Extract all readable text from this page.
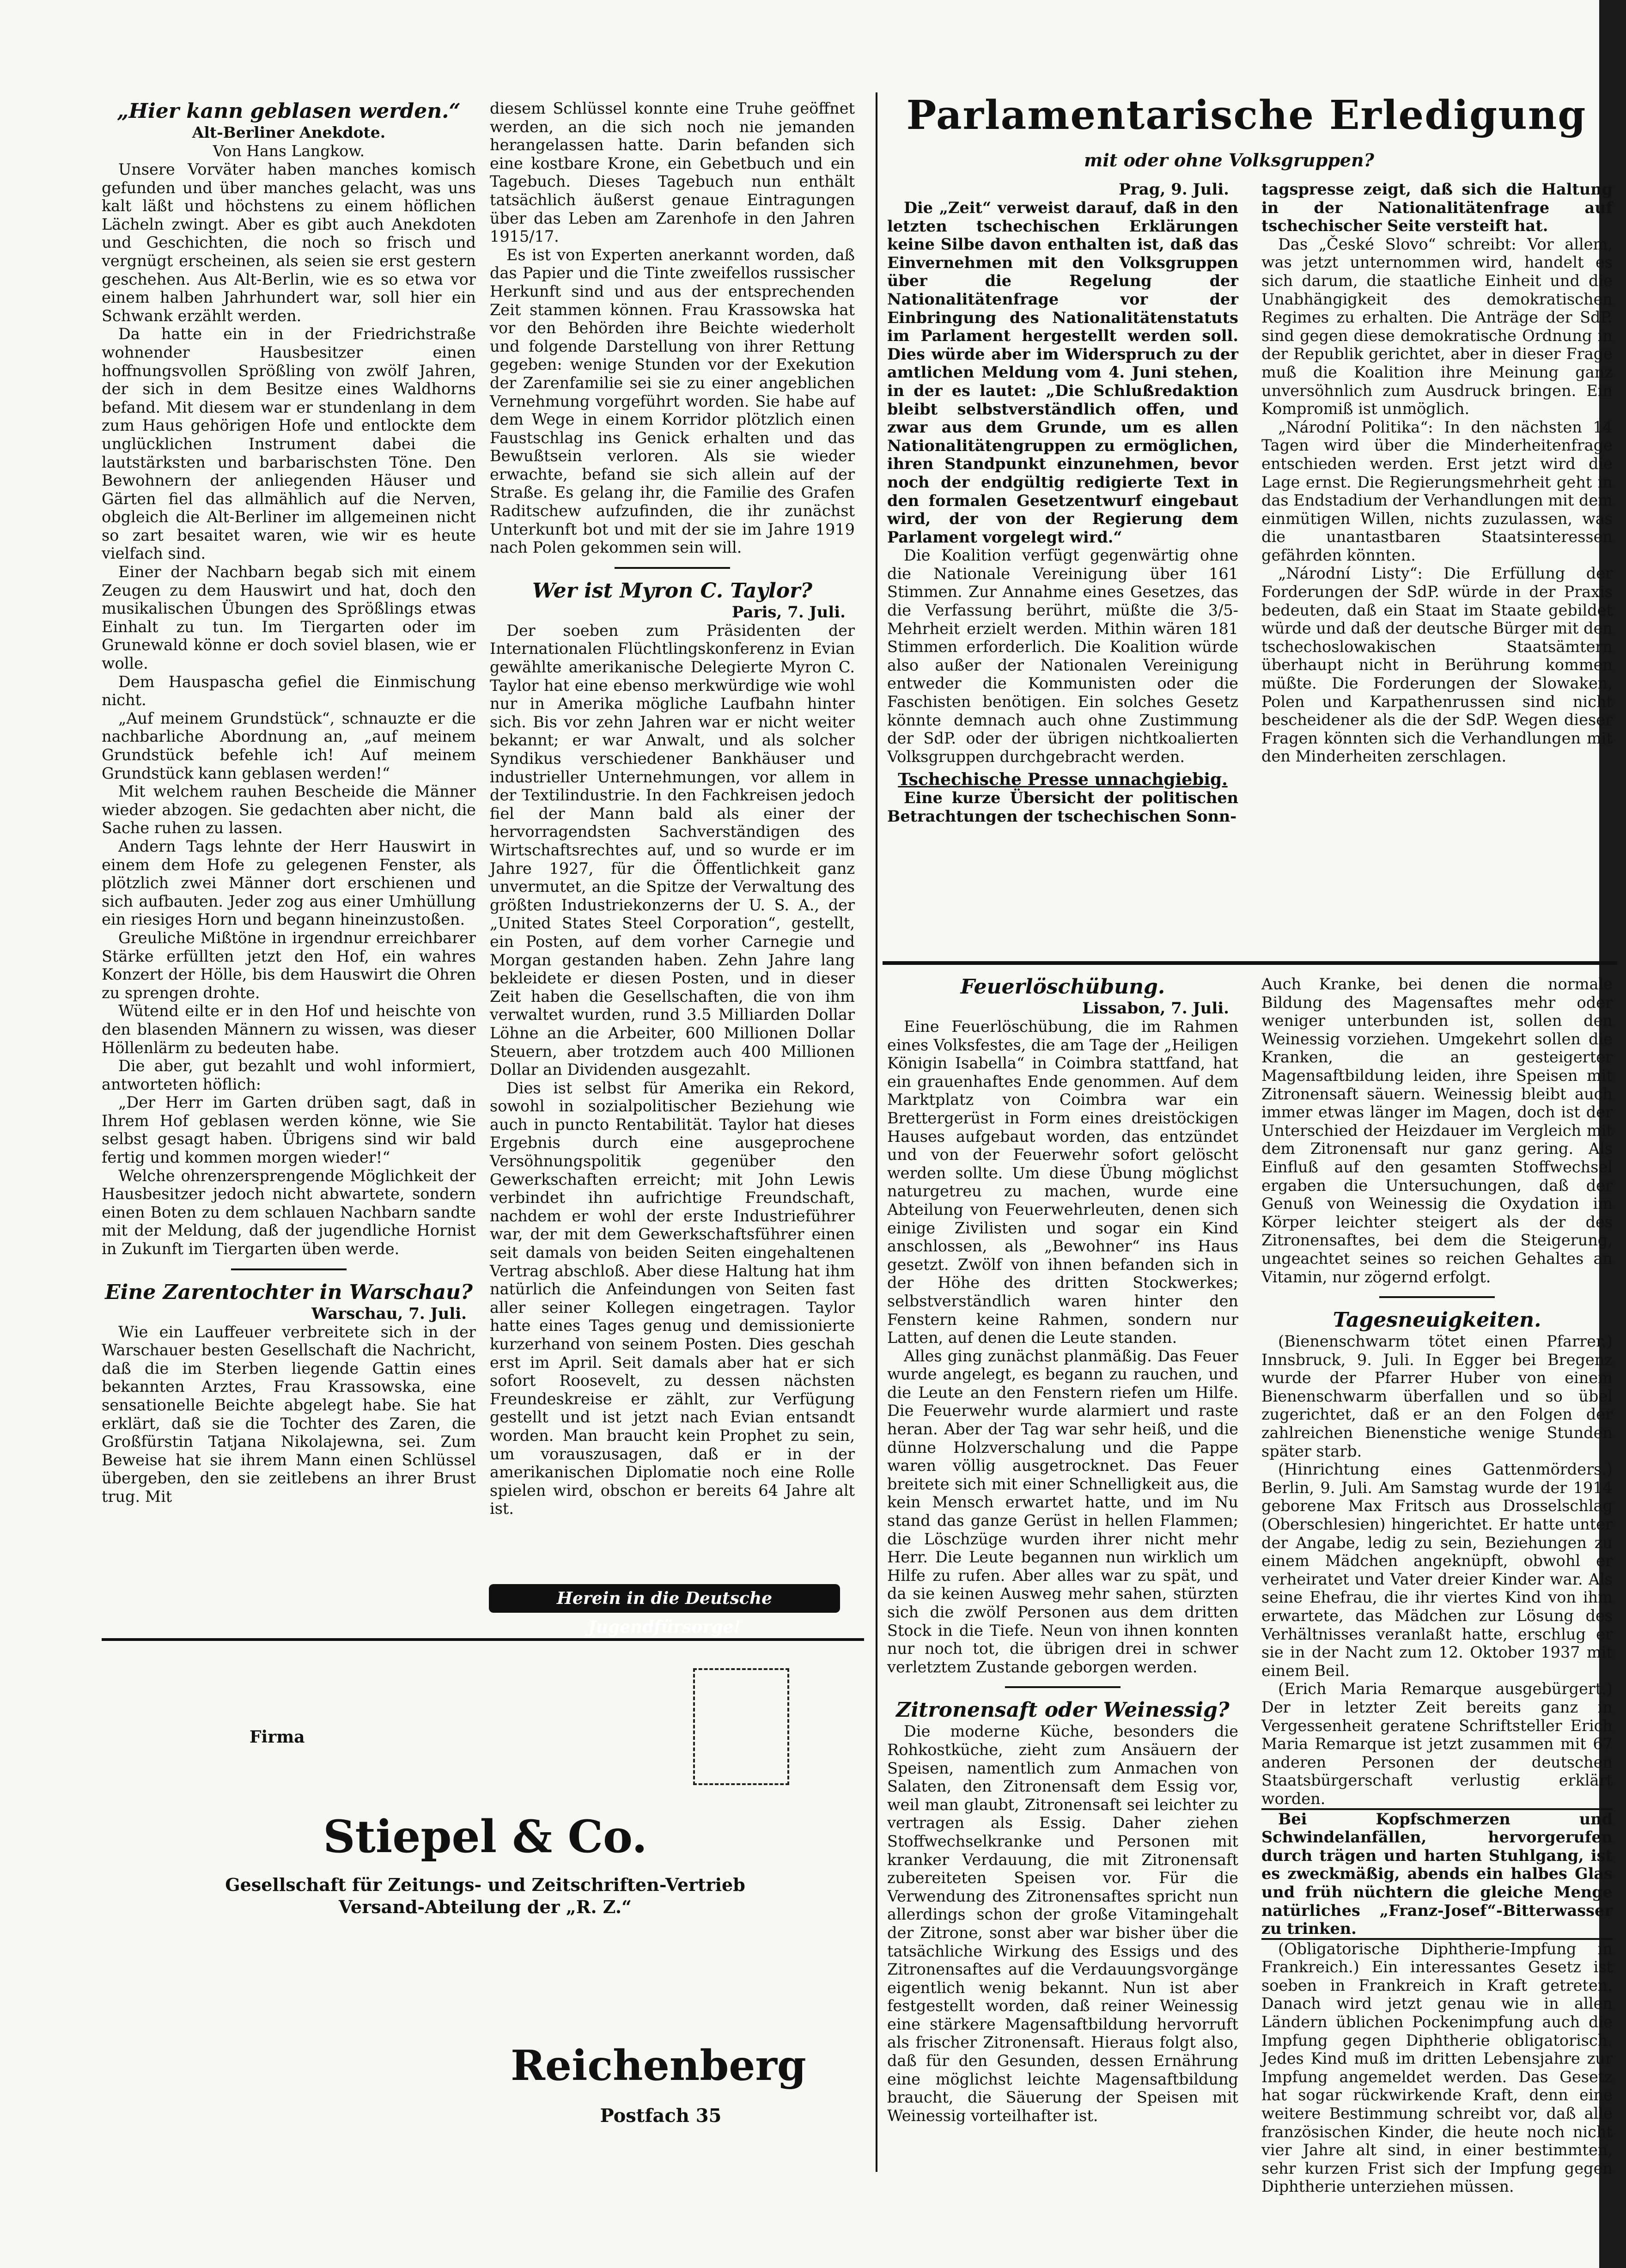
„Hier kann geblasen werden.“
Alt-Berliner Anekdote.
Von Hans Langkow.

Unsere Vorväter haben manches komisch gefunden und über manches gelacht, was uns kalt läßt und höchstens zu einem höflichen Lächeln zwingt. Aber es gibt auch Anekdoten und Geschichten, die noch so frisch und vergnügt erscheinen, als seien sie erst gestern geschehen. Aus Alt-Berlin, wie es so etwa vor einem halben Jahrhundert war, soll hier ein Schwank erzählt werden.

Da hatte ein in der Friedrichstraße wohnender Hausbesitzer einen hoffnungsvollen Sprößling von zwölf Jahren, der sich in dem Besitze eines Waldhorns befand. Mit diesem war er stundenlang in dem zum Haus gehörigen Hofe und entlockte dem unglücklichen Instrument dabei die lautstärksten und barbarischsten Töne. Den Bewohnern der anliegenden Häuser und Gärten fiel das allmählich auf die Nerven, obgleich die Alt-Berliner im allgemeinen nicht so zart besaitet waren, wie wir es heute vielfach sind.

Einer der Nachbarn begab sich mit einem Zeugen zu dem Hauswirt und hat, doch den musikalischen Übungen des Sprößlings etwas Einhalt zu tun. Im Tiergarten oder im Grunewald könne er doch soviel blasen, wie er wolle.

Dem Hauspascha gefiel die Einmischung nicht.

„Auf meinem Grundstück“, schnauzte er die nachbarliche Abordnung an, „auf meinem Grundstück befehle ich! Auf meinem Grundstück kann geblasen werden!“

Mit welchem rauhen Bescheide die Männer wieder abzogen. Sie gedachten aber nicht, die Sache ruhen zu lassen.

Andern Tags lehnte der Herr Hauswirt in einem dem Hofe zu gelegenen Fenster, als plötzlich zwei Männer dort erschienen und sich aufbauten. Jeder zog aus einer Umhüllung ein riesiges Horn und begann hineinzustoßen.

Greuliche Mißtöne in irgendnur erreichbarer Stärke erfüllten jetzt den Hof, ein wahres Konzert der Hölle, bis dem Hauswirt die Ohren zu sprengen drohte.

Wütend eilte er in den Hof und heischte von den blasenden Männern zu wissen, was dieser Höllenlärm zu bedeuten habe.

Die aber, gut bezahlt und wohl informiert, antworteten höflich:

„Der Herr im Garten drüben sagt, daß in Ihrem Hof geblasen werden könne, wie Sie selbst gesagt haben. Übrigens sind wir bald fertig und kommen morgen wieder!“

Welche ohrenzersprengende Möglichkeit der Hausbesitzer jedoch nicht abwartete, sondern einen Boten zu dem schlauen Nachbarn sandte mit der Meldung, daß der jugendliche Hornist in Zukunft im Tiergarten üben werde.

Eine Zarentochter in Warschau?
Warschau, 7. Juli.

Wie ein Lauffeuer verbreitete sich in der Warschauer besten Gesellschaft die Nachricht, daß die im Sterben liegende Gattin eines bekannten Arztes, Frau Krassowska, eine sensationelle Beichte abgelegt habe. Sie hat erklärt, daß sie die Tochter des Zaren, die Großfürstin Tatjana Nikolajewna, sei. Zum Beweise hat sie ihrem Mann einen Schlüssel übergeben, den sie zeitlebens an ihrer Brust trug. Mit

diesem Schlüssel konnte eine Truhe geöffnet werden, an die sich noch nie jemanden herangelassen hatte. Darin befanden sich eine kostbare Krone, ein Gebetbuch und ein Tagebuch. Dieses Tagebuch nun enthält tatsächlich äußerst genaue Eintragungen über das Leben am Zarenhofe in den Jahren 1915/17.

Es ist von Experten anerkannt worden, daß das Papier und die Tinte zweifellos russischer Herkunft sind und aus der entsprechenden Zeit stammen können. Frau Krassowska hat vor den Behörden ihre Beichte wiederholt und folgende Darstellung von ihrer Rettung gegeben: wenige Stunden vor der Exekution der Zarenfamilie sei sie zu einer angeblichen Vernehmung vorgeführt worden. Sie habe auf dem Wege in einem Korridor plötzlich einen Faustschlag ins Genick erhalten und das Bewußtsein verloren. Als sie wieder erwachte, befand sie sich allein auf der Straße. Es gelang ihr, die Familie des Grafen Raditschew aufzufinden, die ihr zunächst Unterkunft bot und mit der sie im Jahre 1919 nach Polen gekommen sein will.

Wer ist Myron C. Taylor?
Paris, 7. Juli.

Der soeben zum Präsidenten der Internationalen Flüchtlingskonferenz in Evian gewählte amerikanische Delegierte Myron C. Taylor hat eine ebenso merkwürdige wie wohl nur in Amerika mögliche Laufbahn hinter sich. Bis vor zehn Jahren war er nicht weiter bekannt; er war Anwalt, und als solcher Syndikus verschiedener Bankhäuser und industrieller Unternehmungen, vor allem in der Textilindustrie. In den Fachkreisen jedoch fiel der Mann bald als einer der hervorragendsten Sachverständigen des Wirtschaftsrechtes auf, und so wurde er im Jahre 1927, für die Öffentlichkeit ganz unvermutet, an die Spitze der Verwaltung des größten Industriekonzerns der U. S. A., der „United States Steel Corporation“, gestellt, ein Posten, auf dem vorher Carnegie und Morgan gestanden haben. Zehn Jahre lang bekleidete er diesen Posten, und in dieser Zeit haben die Gesellschaften, die von ihm verwaltet wurden, rund 3.5 Milliarden Dollar Löhne an die Arbeiter, 600 Millionen Dollar Steuern, aber trotzdem auch 400 Millionen Dollar an Dividenden ausgezahlt.

Dies ist selbst für Amerika ein Rekord, sowohl in sozialpolitischer Beziehung wie auch in puncto Rentabilität. Taylor hat dieses Ergebnis durch eine ausgeprochene Versöhnungspolitik gegenüber den Gewerkschaften erreicht; mit John Lewis verbindet ihn aufrichtige Freundschaft, nachdem er wohl der erste Industrieführer war, der mit dem Gewerkschaftsführer einen seit damals von beiden Seiten eingehaltenen Vertrag abschloß. Aber diese Haltung hat ihm natürlich die Anfeindungen von Seiten fast aller seiner Kollegen eingetragen. Taylor hatte eines Tages genug und demissionierte kurzerhand von seinem Posten. Dies geschah erst im April. Seit damals aber hat er sich sofort Roosevelt, zu dessen nächsten Freundeskreise er zählt, zur Verfügung gestellt und ist jetzt nach Evian entsandt worden. Man braucht kein Prophet zu sein, um vorauszusagen, daß er in der amerikanischen Diplomatie noch eine Rolle spielen wird, obschon er bereits 64 Jahre alt ist.

Herein in die Deutsche Jugendfürsorge!
Parlamentarische Erledigung
mit oder ohne Volksgruppen?
Prag, 9. Juli.

Die „Zeit“ verweist darauf, daß in den letzten tschechischen Erklärungen keine Silbe davon enthalten ist, daß das Einvernehmen mit den Volksgruppen über die Regelung der Nationalitätenfrage vor der Einbringung des Nationalitätenstatuts im Parlament hergestellt werden soll. Dies würde aber im Widerspruch zu der amtlichen Meldung vom 4. Juni stehen, in der es lautet: „Die Schlußredaktion bleibt selbstverständlich offen, und zwar aus dem Grunde, um es allen Nationalitätengruppen zu ermöglichen, ihren Standpunkt einzunehmen, bevor noch der endgültig redigierte Text in den formalen Gesetzentwurf eingebaut wird, der von der Regierung dem Parlament vorgelegt wird.“

Die Koalition verfügt gegenwärtig ohne die Nationale Vereinigung über 161 Stimmen. Zur Annahme eines Gesetzes, das die Verfassung berührt, müßte die 3/5-Mehrheit erzielt werden. Mithin wären 181 Stimmen erforderlich. Die Koalition würde also außer der Nationalen Vereinigung entweder die Kommunisten oder die Faschisten benötigen. Ein solches Gesetz könnte demnach auch ohne Zustimmung der SdP. oder der übrigen nichtkoalierten Volksgruppen durchgebracht werden.

Tschechische Presse unnachgiebig.

Eine kurze Übersicht der politischen Betrachtungen der tschechischen Sonn-

tagspresse zeigt, daß sich die Haltung in der Nationalitätenfrage auf tschechischer Seite versteift hat.

Das „České Slovo“ schreibt: Vor allem, was jetzt unternommen wird, handelt es sich darum, die staatliche Einheit und die Unabhängigkeit des demokratischen Regimes zu erhalten. Die Anträge der SdP. sind gegen diese demokratische Ordnung in der Republik gerichtet, aber in dieser Frage muß die Koalition ihre Meinung ganz unversöhnlich zum Ausdruck bringen. Ein Kompromiß ist unmöglich.

„Národní Politika“: In den nächsten 14 Tagen wird über die Minderheitenfrage entschieden werden. Erst jetzt wird die Lage ernst. Die Regierungsmehrheit geht in das Endstadium der Verhandlungen mit dem einmütigen Willen, nichts zuzulassen, was die unantastbaren Staatsinteressen gefährden könnten.

„Národní Listy“: Die Erfüllung der Forderungen der SdP. würde in der Praxis bedeuten, daß ein Staat im Staate gebildet würde und daß der deutsche Bürger mit den tschechoslowakischen Staatsämtern überhaupt nicht in Berührung kommen müßte. Die Forderungen der Slowaken, Polen und Karpathenrussen sind nicht bescheidener als die der SdP. Wegen dieser Fragen könnten sich die Verhandlungen mit den Minderheiten zerschlagen.

Feuerlöschübung.
Lissabon, 7. Juli.

Eine Feuerlöschübung, die im Rahmen eines Volksfestes, die am Tage der „Heiligen Königin Isabella“ in Coimbra stattfand, hat ein grauenhaftes Ende genommen. Auf dem Marktplatz von Coimbra war ein Brettergerüst in Form eines dreistöckigen Hauses aufgebaut worden, das entzündet und von der Feuerwehr sofort gelöscht werden sollte. Um diese Übung möglichst naturgetreu zu machen, wurde eine Abteilung von Feuerwehrleuten, denen sich einige Zivilisten und sogar ein Kind anschlossen, als „Bewohner“ ins Haus gesetzt. Zwölf von ihnen befanden sich in der Höhe des dritten Stockwerkes; selbstverständlich waren hinter den Fenstern keine Rahmen, sondern nur Latten, auf denen die Leute standen.

Alles ging zunächst planmäßig. Das Feuer wurde angelegt, es begann zu rauchen, und die Leute an den Fenstern riefen um Hilfe. Die Feuerwehr wurde alarmiert und raste heran. Aber der Tag war sehr heiß, und die dünne Holzverschalung und die Pappe waren völlig ausgetrocknet. Das Feuer breitete sich mit einer Schnelligkeit aus, die kein Mensch erwartet hatte, und im Nu stand das ganze Gerüst in hellen Flammen; die Löschzüge wurden ihrer nicht mehr Herr. Die Leute begannen nun wirklich um Hilfe zu rufen. Aber alles war zu spät, und da sie keinen Ausweg mehr sahen, stürzten sich die zwölf Personen aus dem dritten Stock in die Tiefe. Neun von ihnen konnten nur noch tot, die übrigen drei in schwer verletztem Zustande geborgen werden.

Zitronensaft oder Weinessig?

Die moderne Küche, besonders die Rohkostküche, zieht zum Ansäuern der Speisen, namentlich zum Anmachen von Salaten, den Zitronensaft dem Essig vor, weil man glaubt, Zitronensaft sei leichter zu vertragen als Essig. Daher ziehen Stoffwechselkranke und Personen mit kranker Verdauung, die mit Zitronensaft zubereiteten Speisen vor. Für die Verwendung des Zitronensaftes spricht nun allerdings schon der große Vitamingehalt der Zitrone, sonst aber war bisher über die tatsächliche Wirkung des Essigs und des Zitronensaftes auf die Verdauungsvorgänge eigentlich wenig bekannt. Nun ist aber festgestellt worden, daß reiner Weinessig eine stärkere Magensaftbildung hervorruft als frischer Zitronensaft. Hieraus folgt also, daß für den Gesunden, dessen Ernährung eine möglichst leichte Magensaftbildung braucht, die Säuerung der Speisen mit Weinessig vorteilhafter ist.

Auch Kranke, bei denen die normale Bildung des Magensaftes mehr oder weniger unterbunden ist, sollen den Weinessig vorziehen. Umgekehrt sollen die Kranken, die an gesteigerter Magensaftbildung leiden, ihre Speisen mit Zitronensaft säuern. Weinessig bleibt auch immer etwas länger im Magen, doch ist der Unterschied der Heizdauer im Vergleich mit dem Zitronensaft nur ganz gering. Als Einfluß auf den gesamten Stoffwechsel ergaben die Untersuchungen, daß der Genuß von Weinessig die Oxydation im Körper leichter steigert als der des Zitronensaftes, bei dem die Steigerung, ungeachtet seines so reichen Gehaltes an Vitamin, nur zögernd erfolgt.

Tagesneuigkeiten.

(Bienenschwarm tötet einen Pfarrer.) Innsbruck, 9. Juli. In Egger bei Bregenz wurde der Pfarrer Huber von einem Bienenschwarm überfallen und so übel zugerichtet, daß er an den Folgen der zahlreichen Bienenstiche wenige Stunden später starb.

(Hinrichtung eines Gattenmörders.) Berlin, 9. Juli. Am Samstag wurde der 1914 geborene Max Fritsch aus Drosselschlag (Oberschlesien) hingerichtet. Er hatte unter der Angabe, ledig zu sein, Beziehungen zu einem Mädchen angeknüpft, obwohl er verheiratet und Vater dreier Kinder war. Als seine Ehefrau, die ihr viertes Kind von ihm erwartete, das Mädchen zur Lösung des Verhältnisses veranlaßt hatte, erschlug er sie in der Nacht zum 12. Oktober 1937 mit einem Beil.

(Erich Maria Remarque ausgebürgert.) Der in letzter Zeit bereits ganz in Vergessenheit geratene Schriftsteller Erich Maria Remarque ist jetzt zusammen mit 67 anderen Personen der deutschen Staatsbürgerschaft verlustig erklärt worden.

Bei Kopfschmerzen und Schwindelanfällen, hervorgerufen durch trägen und harten Stuhlgang, ist es zweckmäßig, abends ein halbes Glas und früh nüchtern die gleiche Menge natürliches „Franz-Josef“-Bitterwasser zu trinken.

(Obligatorische Diphtherie-Impfung in Frankreich.) Ein interessantes Gesetz ist soeben in Frankreich in Kraft getreten. Danach wird jetzt genau wie in allen Ländern üblichen Pockenimpfung auch die Impfung gegen Diphtherie obligatorisch. Jedes Kind muß im dritten Lebensjahre zur Impfung angemeldet werden. Das Gesetz hat sogar rückwirkende Kraft, denn eine weitere Bestimmung schreibt vor, daß alle französischen Kinder, die heute noch nicht vier Jahre alt sind, in einer bestimmten, sehr kurzen Frist sich der Impfung gegen Diphtherie unterziehen müssen.

Firma
Stiepel & Co.
Gesellschaft für Zeitungs- und Zeitschriften-Vertrieb
Versand-Abteilung der „R. Z.“
Reichenberg
Postfach 35
